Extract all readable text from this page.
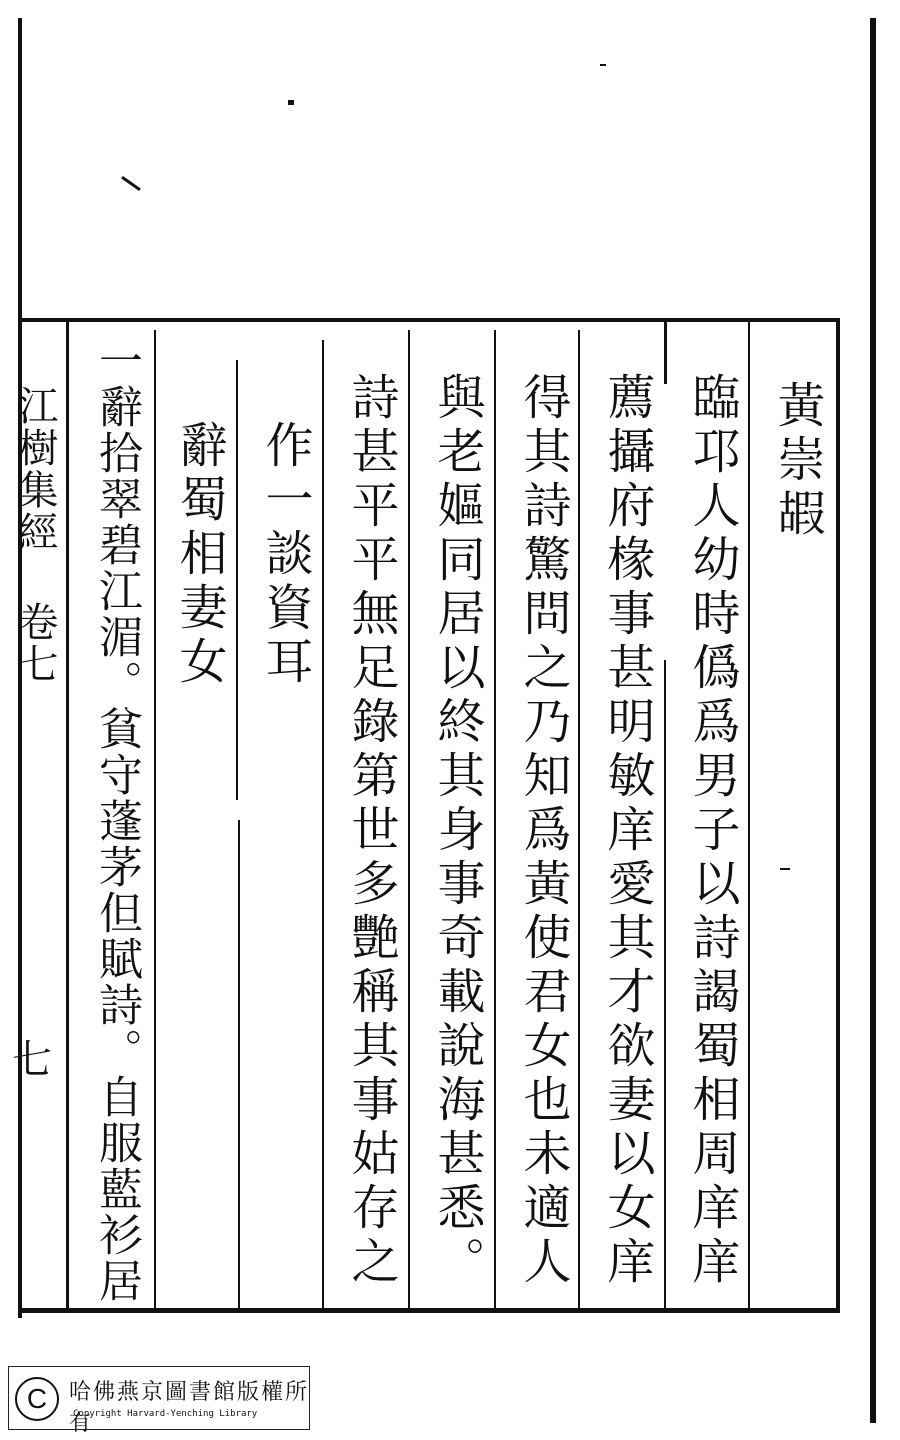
黃崇嘏
臨邛人幼時僞爲男子以詩謁蜀相周庠庠
薦攝府椽事甚明敏庠愛其才欲妻以女庠
得其詩驚問之乃知爲黃使君女也未適人
與老嫗同居以終其身事奇載說海甚悉。
詩甚平平無足錄第世多艷稱其事姑存之
作一談資耳
辭蜀相妻女
一辭拾翠碧江湄。貧守蓬茅但賦詩。自服藍衫居
江樹集經 卷七
七
C 哈佛燕京圖書館版權所有
Copyright Harvard-Yenching Library
